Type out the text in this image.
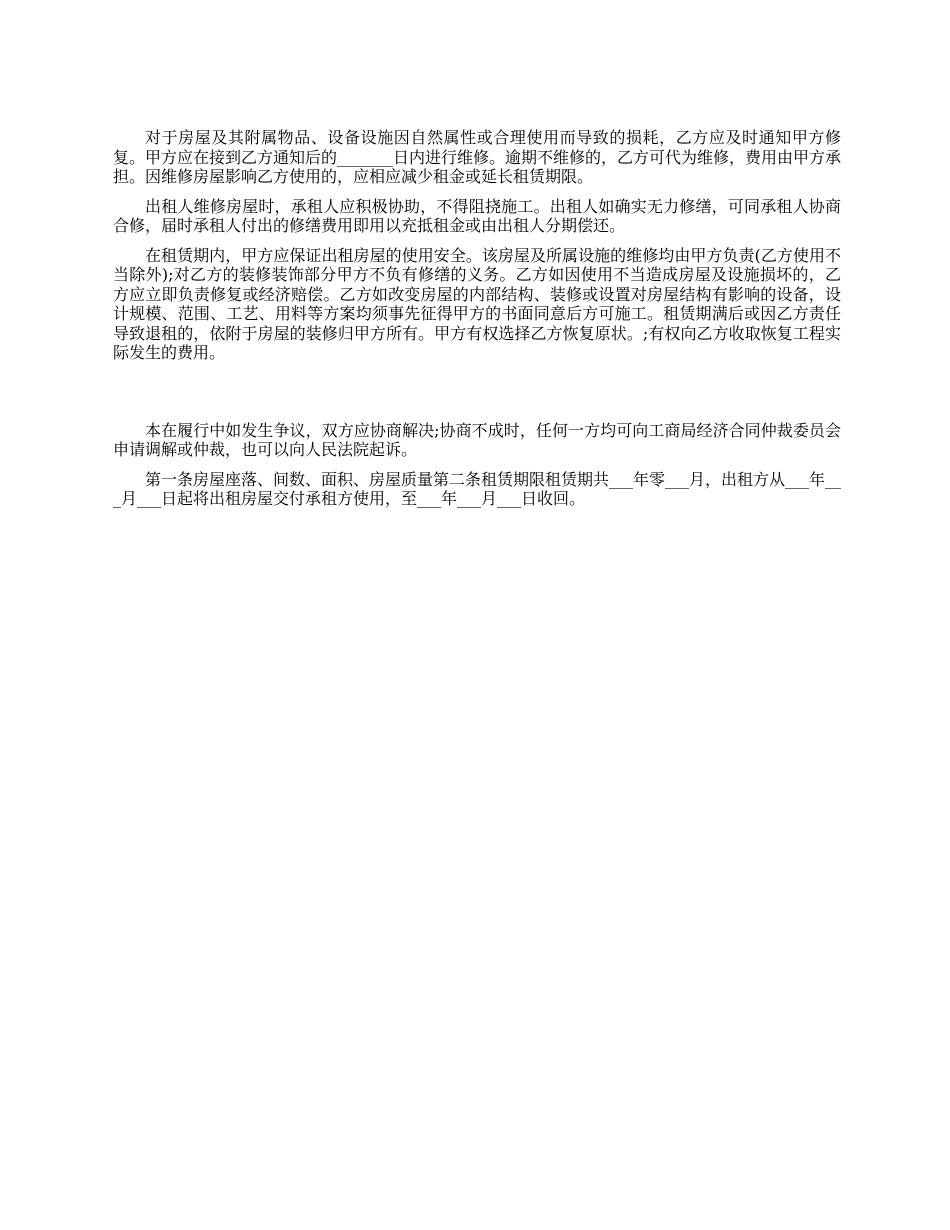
对于房屋及其附属物品、设备设施因自然属性或合理使用而导致的损耗，乙方应及时通知甲方修复。甲方应在接到乙方通知后的_______日内进行维修。逾期不维修的，乙方可代为维修，费用由甲方承担。因维修房屋影响乙方使用的，应相应减少租金或延长租赁期限。

出租人维修房屋时，承租人应积极协助，不得阻挠施工。出租人如确实无力修缮，可同承租人协商合修，届时承租人付出的修缮费用即用以充抵租金或由出租人分期偿还。

在租赁期内，甲方应保证出租房屋的使用安全。该房屋及所属设施的维修均由甲方负责(乙方使用不当除外);对乙方的装修装饰部分甲方不负有修缮的义务。乙方如因使用不当造成房屋及设施损坏的，乙方应立即负责修复或经济赔偿。乙方如改变房屋的内部结构、装修或设置对房屋结构有影响的设备，设计规模、范围、工艺、用料等方案均须事先征得甲方的书面同意后方可施工。租赁期满后或因乙方责任导致退租的，依附于房屋的装修归甲方所有。甲方有权选择乙方恢复原状。;有权向乙方收取恢复工程实际发生的费用。

本在履行中如发生争议，双方应协商解决;协商不成时，任何一方均可向工商局经济合同仲裁委员会申请调解或仲裁，也可以向人民法院起诉。

第一条房屋座落、间数、面积、房屋质量第二条租赁期限租赁期共___年零___月，出租方从___年___月___日起将出租房屋交付承租方使用，至___年___月___日收回。
